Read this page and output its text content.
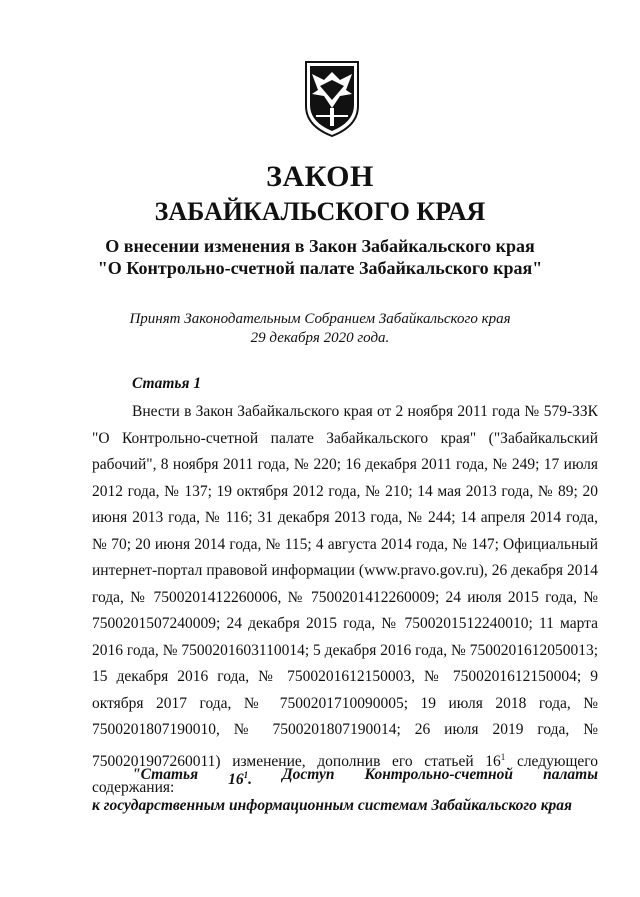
ЗАКОН
ЗАБАЙКАЛЬСКОГО КРАЯ
О внесении изменения в Закон Забайкальского края
"О Контрольно-счетной палате Забайкальского края"
Принят Законодательным Собранием Забайкальского края
29 декабря 2020 года.
Статья 1

Внести в Закон Забайкальского края от 2 ноября 2011 года № 579-ЗЗК "О Контрольно-счетной палате Забайкальского края" ("Забайкальский рабочий", 8 ноября 2011 года, № 220; 16 декабря 2011 года, № 249; 17 июля 2012 года, № 137; 19 октября 2012 года, № 210; 14 мая 2013 года, № 89; 20 июня 2013 года, № 116; 31 декабря 2013 года, № 244; 14 апреля 2014 года, № 70; 20 июня 2014 года, № 115; 4 августа 2014 года, № 147; Официальный интернет-портал правовой информации (www.pravo.gov.ru), 26 декабря 2014 года, № 7500201412260006, № 7500201412260009; 24 июля 2015 года, № 7500201507240009; 24 декабря 2015 года, № 7500201512240010; 11 марта 2016 года, № 7500201603110014; 5 декабря 2016 года, № 7500201612050013; 15 декабря 2016 года, № 7500201612150003, № 7500201612150004; 9 октября 2017 года, № 7500201710090005; 19 июля 2018 года, № 7500201807190010, № 7500201807190014; 26 июля 2019 года, № 7500201907260011) изменение, дополнив его статьей $16^1$ следующего содержания:

"Статья $16^1$. Доступ Контрольно-счетной палаты
к государственным информационным системам Забайкальского края
